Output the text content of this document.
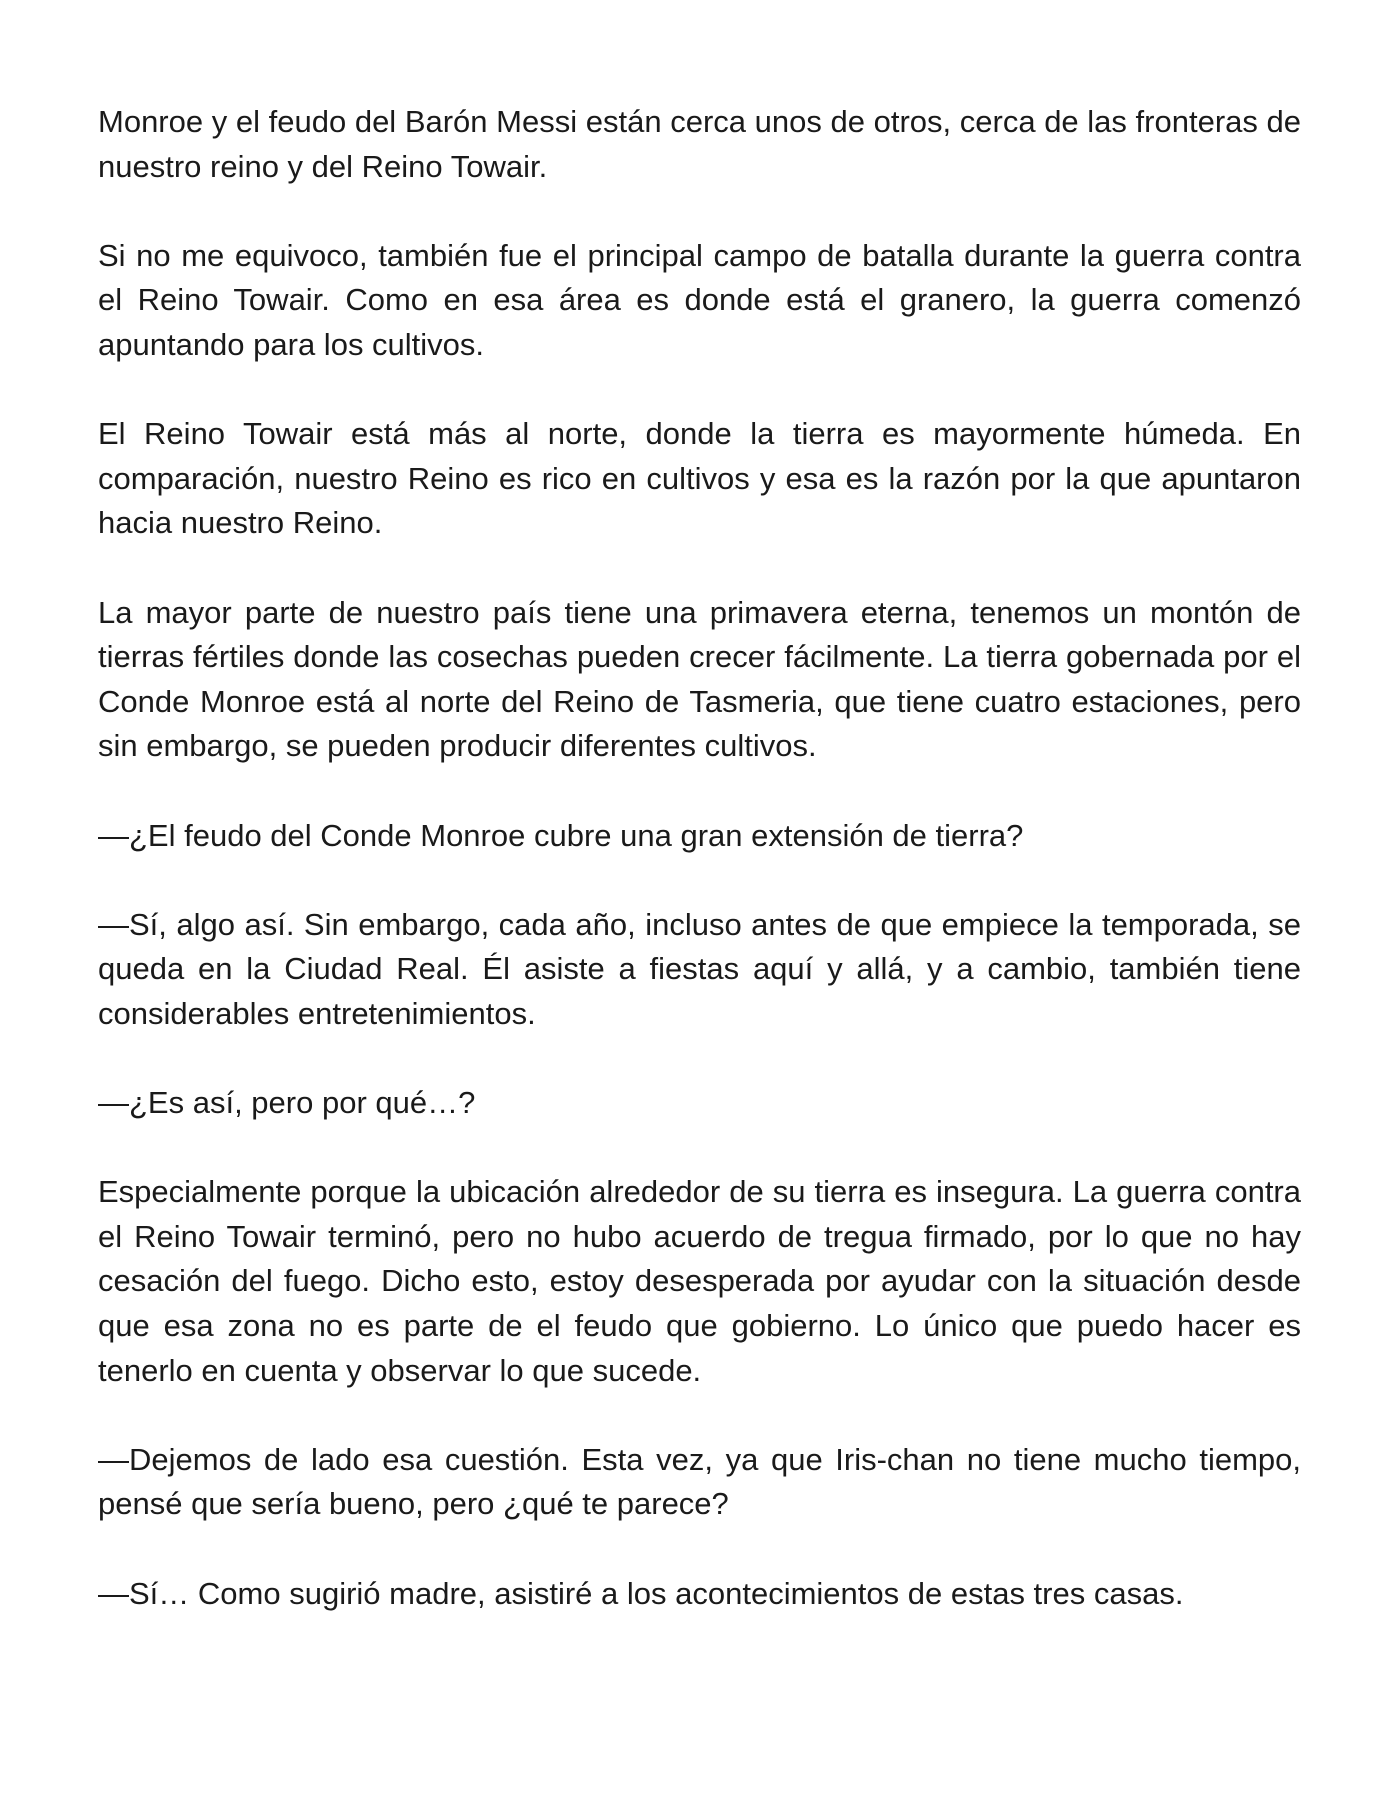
Monroe y el feudo del Barón Messi están cerca unos de otros, cerca de las fronteras de nuestro reino y del Reino Towair.

Si no me equivoco, también fue el principal campo de batalla durante la guerra contra el Reino Towair. Como en esa área es donde está el granero, la guerra comenzó apuntando para los cultivos.

El Reino Towair está más al norte, donde la tierra es mayormente húmeda. En comparación, nuestro Reino es rico en cultivos y esa es la razón por la que apuntaron hacia nuestro Reino.

La mayor parte de nuestro país tiene una primavera eterna, tenemos un montón de tierras fértiles donde las cosechas pueden crecer fácilmente. La tierra gobernada por el Conde Monroe está al norte del Reino de Tasmeria, que tiene cuatro estaciones, pero sin embargo, se pueden producir diferentes cultivos.

—¿El feudo del Conde Monroe cubre una gran extensión de tierra?

—Sí, algo así. Sin embargo, cada año, incluso antes de que empiece la temporada, se queda en la Ciudad Real. Él asiste a fiestas aquí y allá, y a cambio, también tiene considerables entretenimientos.

—¿Es así, pero por qué…?

Especialmente porque la ubicación alrededor de su tierra es insegura. La guerra contra el Reino Towair terminó, pero no hubo acuerdo de tregua firmado, por lo que no hay cesación del fuego. Dicho esto, estoy desesperada por ayudar con la situación desde que esa zona no es parte de el feudo que gobierno. Lo único que puedo hacer es tenerlo en cuenta y observar lo que sucede.

—Dejemos de lado esa cuestión. Esta vez, ya que Iris-chan no tiene mucho tiempo, pensé que sería bueno, pero ¿qué te parece?

—Sí… Como sugirió madre, asistiré a los acontecimientos de estas tres casas.
